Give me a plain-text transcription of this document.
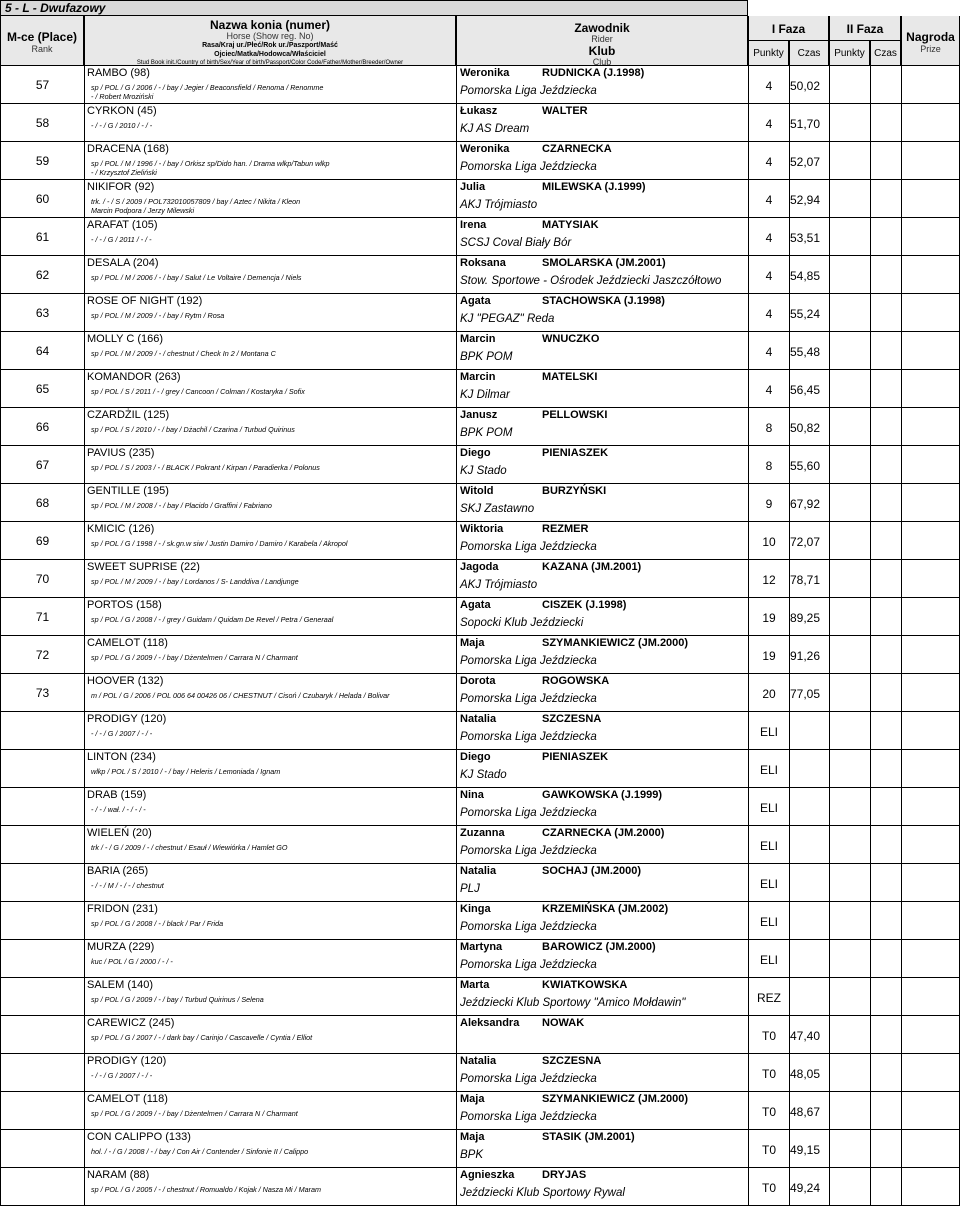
5 - L - Dwufazowy
M-ce (Place)
Rank
Nazwa konia (numer)
Horse (Show reg. No)
Rasa/Kraj ur./Płeć/Rok ur./Paszport/Maść
Ojciec/Matka/Hodowca/Właściciel
Stud Book init./Country of birth/Sex/Year of birth/Passport/Color Code/Father/Mother/Breeder/Owner
Zawodnik
Rider
Klub
Club
I Faza	II Faza
Punkty	Czas	Punkty Czas
Nagroda
Prize
57
RAMBO (98)
sp / POL / G / 2006 / - / bay / Jegier / Beaconsfield / Renoma / Renomme
- / Robert Mroziński
Weronika	RUDNICKA (J.1998)
Pomorska Liga Jeździecka	4	50,02
58
CYRKON (45)
- / - / G / 2010 / - / -
Łukasz	WALTER
KJ AS Dream	4	51,70
59
DRACENA (168)
sp / POL / M / 1996 / - / bay / Orkisz sp/Dido han. / Drama wlkp/Tabun wlkp
- / Krzysztof Zieliński
Weronika	CZARNECKA
Pomorska Liga Jeździecka	4	52,07
60
NIKIFOR (92)
trk. / - / S / 2009 / POL732010057809 / bay / Aztec / Nikita / Kleon
Marcin Podpora / Jerzy Milewski
Julia	MILEWSKA (J.1999)
AKJ Trójmiasto	4	52,94
61
ARAFAT (105)
- / - / G / 2011 / - / -
Irena	MATYSIAK
SCSJ Coval Biały Bór	4	53,51
62
DESALA (204)
sp / POL / M / 2006 / - / bay / Salut / Le Voltaire / Demencja / Niels
Roksana	SMOLARSKA (JM.2001)
Stow. Sportowe - Ośrodek Jeździecki Jaszczółtowo	4	54,85
63
ROSE OF NIGHT (192)
sp / POL / M / 2009 / - / bay / Rytm / Rosa
Agata	STACHOWSKA (J.1998)
KJ "PEGAZ" Reda	4	55,24
64
MOLLY C (166)
sp / POL / M / 2009 / - / chestnut / Check In 2 / Montana C
Marcin	WNUCZKO
BPK POM	4	55,48
65
KOMANDOR (263)
sp / POL / S / 2011 / - / grey / Cancoon / Colman / Kostaryka / Sofix
Marcin	MATELSKI
KJ Dilmar	4	56,45
66
CZARDŻIL (125)
sp / POL / S / 2010 / - / bay / Dżachil / Czarina / Turbud Quirinus
Janusz	PELLOWSKI
BPK POM	8	50,82
67
PAVIUS (235)
sp / POL / S / 2003 / - / BLACK / Pokrant / Kirpan / Paradierka / Polonus
Diego	PIENIASZEK
KJ Stado	8	55,60
68
GENTILLE (195)
sp / POL / M / 2008 / - / bay / Placido / Graffini / Fabriano
Witold	BURZYŃSKI
SKJ Zastawno	9	67,92
69
KMICIC (126)
sp / POL / G / 1998 / - / sk.gn.w siw / Justin Damiro / Damiro / Karabela / Akropol
Wiktoria	REZMER
Pomorska Liga Jeździecka	10	72,07
70
SWEET SUPRISE (22)
sp / POL / M / 2009 / - / bay / Lordanos / S- Landdiva / Landjunge
Jagoda	KAZANA (JM.2001)
AKJ Trójmiasto	12	78,71
71
PORTOS (158)
sp / POL / G / 2008 / - / grey / Guidam / Quidam De Revel / Petra / Generaal
Agata	CISZEK (J.1998)
Sopocki Klub Jeździecki	19	89,25
72
CAMELOT (118)
sp / POL / G / 2009 / - / bay / Dżentelmen / Carrara N / Charmant
Maja	SZYMANKIEWICZ (JM.2000)
Pomorska Liga Jeździecka	19	91,26
73
HOOVER (132)
m / POL / G / 2006 / POL 006 64 00426 06 / CHESTNUT / Cisoń / Czubaryk / Helada / Bolivar
Dorota	ROGOWSKA
Pomorska Liga Jeździecka	20	77,05
PRODIGY (120)
- / - / G / 2007 / - / -
Natalia	SZCZESNA
Pomorska Liga Jeździecka	ELI
LINTON (234)
wlkp / POL / S / 2010 / - / bay / Heleris / Lemoniada / Ignam
Diego	PIENIASZEK
KJ Stado	ELI
DRAB (159)
- / - / wał. / - / - / -
Nina	GAWKOWSKA (J.1999)
Pomorska Liga Jeździecka	ELI
WIELEŃ (20)
trk / - / G / 2009 / - / chestnut / Esauł / Wiewiórka / Hamlet GO
Zuzanna	CZARNECKA (JM.2000)
Pomorska Liga Jeździecka	ELI
BARIA (265)
- / - / M / - / - / chestnut
Natalia	SOCHAJ (JM.2000)
PLJ	ELI
FRIDON (231)
sp / POL / G / 2008 / - / black / Par / Frida
Kinga	KRZEMIŃSKA (JM.2002)
Pomorska Liga Jeździecka	ELI
MURZA (229)
kuc / POL / G / 2000 / - / -
Martyna	BAROWICZ (JM.2000)
Pomorska Liga Jeździecka	ELI
SALEM (140)
sp / POL / G / 2009 / - / bay / Turbud Quirinus / Selena
Marta	KWIATKOWSKA
Jeździecki Klub Sportowy "Amico Mołdawin"	REZ
CAREWICZ (245)
sp / POL / G / 2007 / - / dark bay / Carinjo / Cascavelle / Cyntia / Elliot
Aleksandra NOWAK
T0	47,40
PRODIGY (120)
- / - / G / 2007 / - / -
Natalia	SZCZESNA
Pomorska Liga Jeździecka	T0	48,05
CAMELOT (118)
sp / POL / G / 2009 / - / bay / Dżentelmen / Carrara N / Charmant
Maja	SZYMANKIEWICZ (JM.2000)
Pomorska Liga Jeździecka	T0	48,67
CON CALIPPO (133)
hol. / - / G / 2008 / - / bay / Con Air / Contender / Sinfonie II / Calippo
Maja	STASIK (JM.2001)
BPK	T0	49,15
NARAM (88)
sp / POL / G / 2005 / - / chestnut / Romualdo / Kojak / Nasza Mi / Maram
Agnieszka	DRYJAS
Jeździecki Klub Sportowy Rywal	T0	49,24
